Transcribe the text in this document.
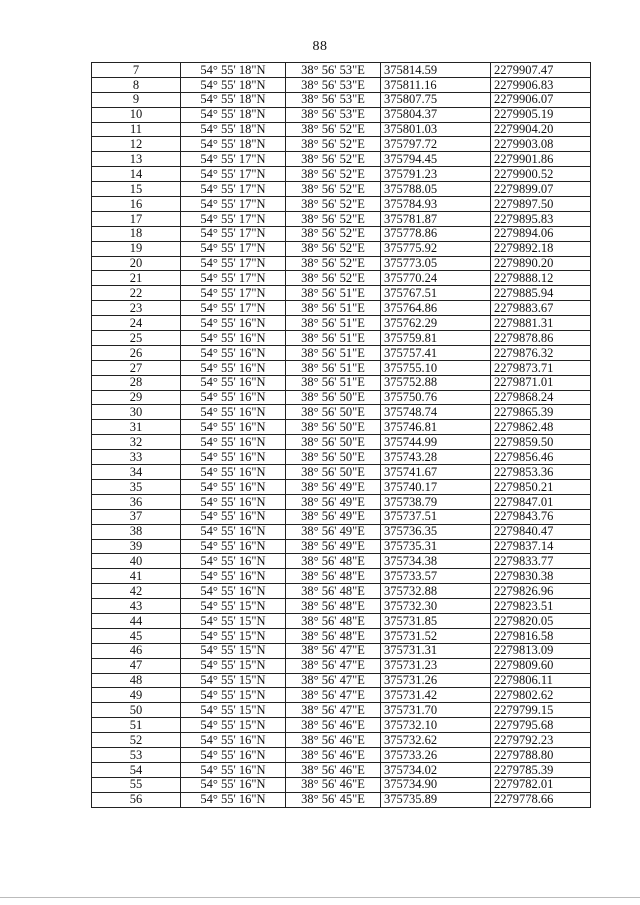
88
7	54° 55' 18"N	38° 56' 53"E	375814.59	2279907.47
8	54° 55' 18"N	38° 56' 53"E	375811.16	2279906.83
9	54° 55' 18"N	38° 56' 53"E	375807.75	2279906.07
10	54° 55' 18"N	38° 56' 53"E	375804.37	2279905.19
11	54° 55' 18"N	38° 56' 52"E	375801.03	2279904.20
12	54° 55' 18"N	38° 56' 52"E	375797.72	2279903.08
13	54° 55' 17"N	38° 56' 52"E	375794.45	2279901.86
14	54° 55' 17"N	38° 56' 52"E	375791.23	2279900.52
15	54° 55' 17"N	38° 56' 52"E	375788.05	2279899.07
16	54° 55' 17"N	38° 56' 52"E	375784.93	2279897.50
17	54° 55' 17"N	38° 56' 52"E	375781.87	2279895.83
18	54° 55' 17"N	38° 56' 52"E	375778.86	2279894.06
19	54° 55' 17"N	38° 56' 52"E	375775.92	2279892.18
20	54° 55' 17"N	38° 56' 52"E	375773.05	2279890.20
21	54° 55' 17"N	38° 56' 52"E	375770.24	2279888.12
22	54° 55' 17"N	38° 56' 51"E	375767.51	2279885.94
23	54° 55' 17"N	38° 56' 51"E	375764.86	2279883.67
24	54° 55' 16"N	38° 56' 51"E	375762.29	2279881.31
25	54° 55' 16"N	38° 56' 51"E	375759.81	2279878.86
26	54° 55' 16"N	38° 56' 51"E	375757.41	2279876.32
27	54° 55' 16"N	38° 56' 51"E	375755.10	2279873.71
28	54° 55' 16"N	38° 56' 51"E	375752.88	2279871.01
29	54° 55' 16"N	38° 56' 50"E	375750.76	2279868.24
30	54° 55' 16"N	38° 56' 50"E	375748.74	2279865.39
31	54° 55' 16"N	38° 56' 50"E	375746.81	2279862.48
32	54° 55' 16"N	38° 56' 50"E	375744.99	2279859.50
33	54° 55' 16"N	38° 56' 50"E	375743.28	2279856.46
34	54° 55' 16"N	38° 56' 50"E	375741.67	2279853.36
35	54° 55' 16"N	38° 56' 49"E	375740.17	2279850.21
36	54° 55' 16"N	38° 56' 49"E	375738.79	2279847.01
37	54° 55' 16"N	38° 56' 49"E	375737.51	2279843.76
38	54° 55' 16"N	38° 56' 49"E	375736.35	2279840.47
39	54° 55' 16"N	38° 56' 49"E	375735.31	2279837.14
40	54° 55' 16"N	38° 56' 48"E	375734.38	2279833.77
41	54° 55' 16"N	38° 56' 48"E	375733.57	2279830.38
42	54° 55' 16"N	38° 56' 48"E	375732.88	2279826.96
43	54° 55' 15"N	38° 56' 48"E	375732.30	2279823.51
44	54° 55' 15"N	38° 56' 48"E	375731.85	2279820.05
45	54° 55' 15"N	38° 56' 48"E	375731.52	2279816.58
46	54° 55' 15"N	38° 56' 47"E	375731.31	2279813.09
47	54° 55' 15"N	38° 56' 47"E	375731.23	2279809.60
48	54° 55' 15"N	38° 56' 47"E	375731.26	2279806.11
49	54° 55' 15"N	38° 56' 47"E	375731.42	2279802.62
50	54° 55' 15"N	38° 56' 47"E	375731.70	2279799.15
51	54° 55' 15"N	38° 56' 46"E	375732.10	2279795.68
52	54° 55' 16"N	38° 56' 46"E	375732.62	2279792.23
53	54° 55' 16"N	38° 56' 46"E	375733.26	2279788.80
54	54° 55' 16"N	38° 56' 46"E	375734.02	2279785.39
55	54° 55' 16"N	38° 56' 46"E	375734.90	2279782.01
56	54° 55' 16"N	38° 56' 45"E	375735.89	2279778.66
